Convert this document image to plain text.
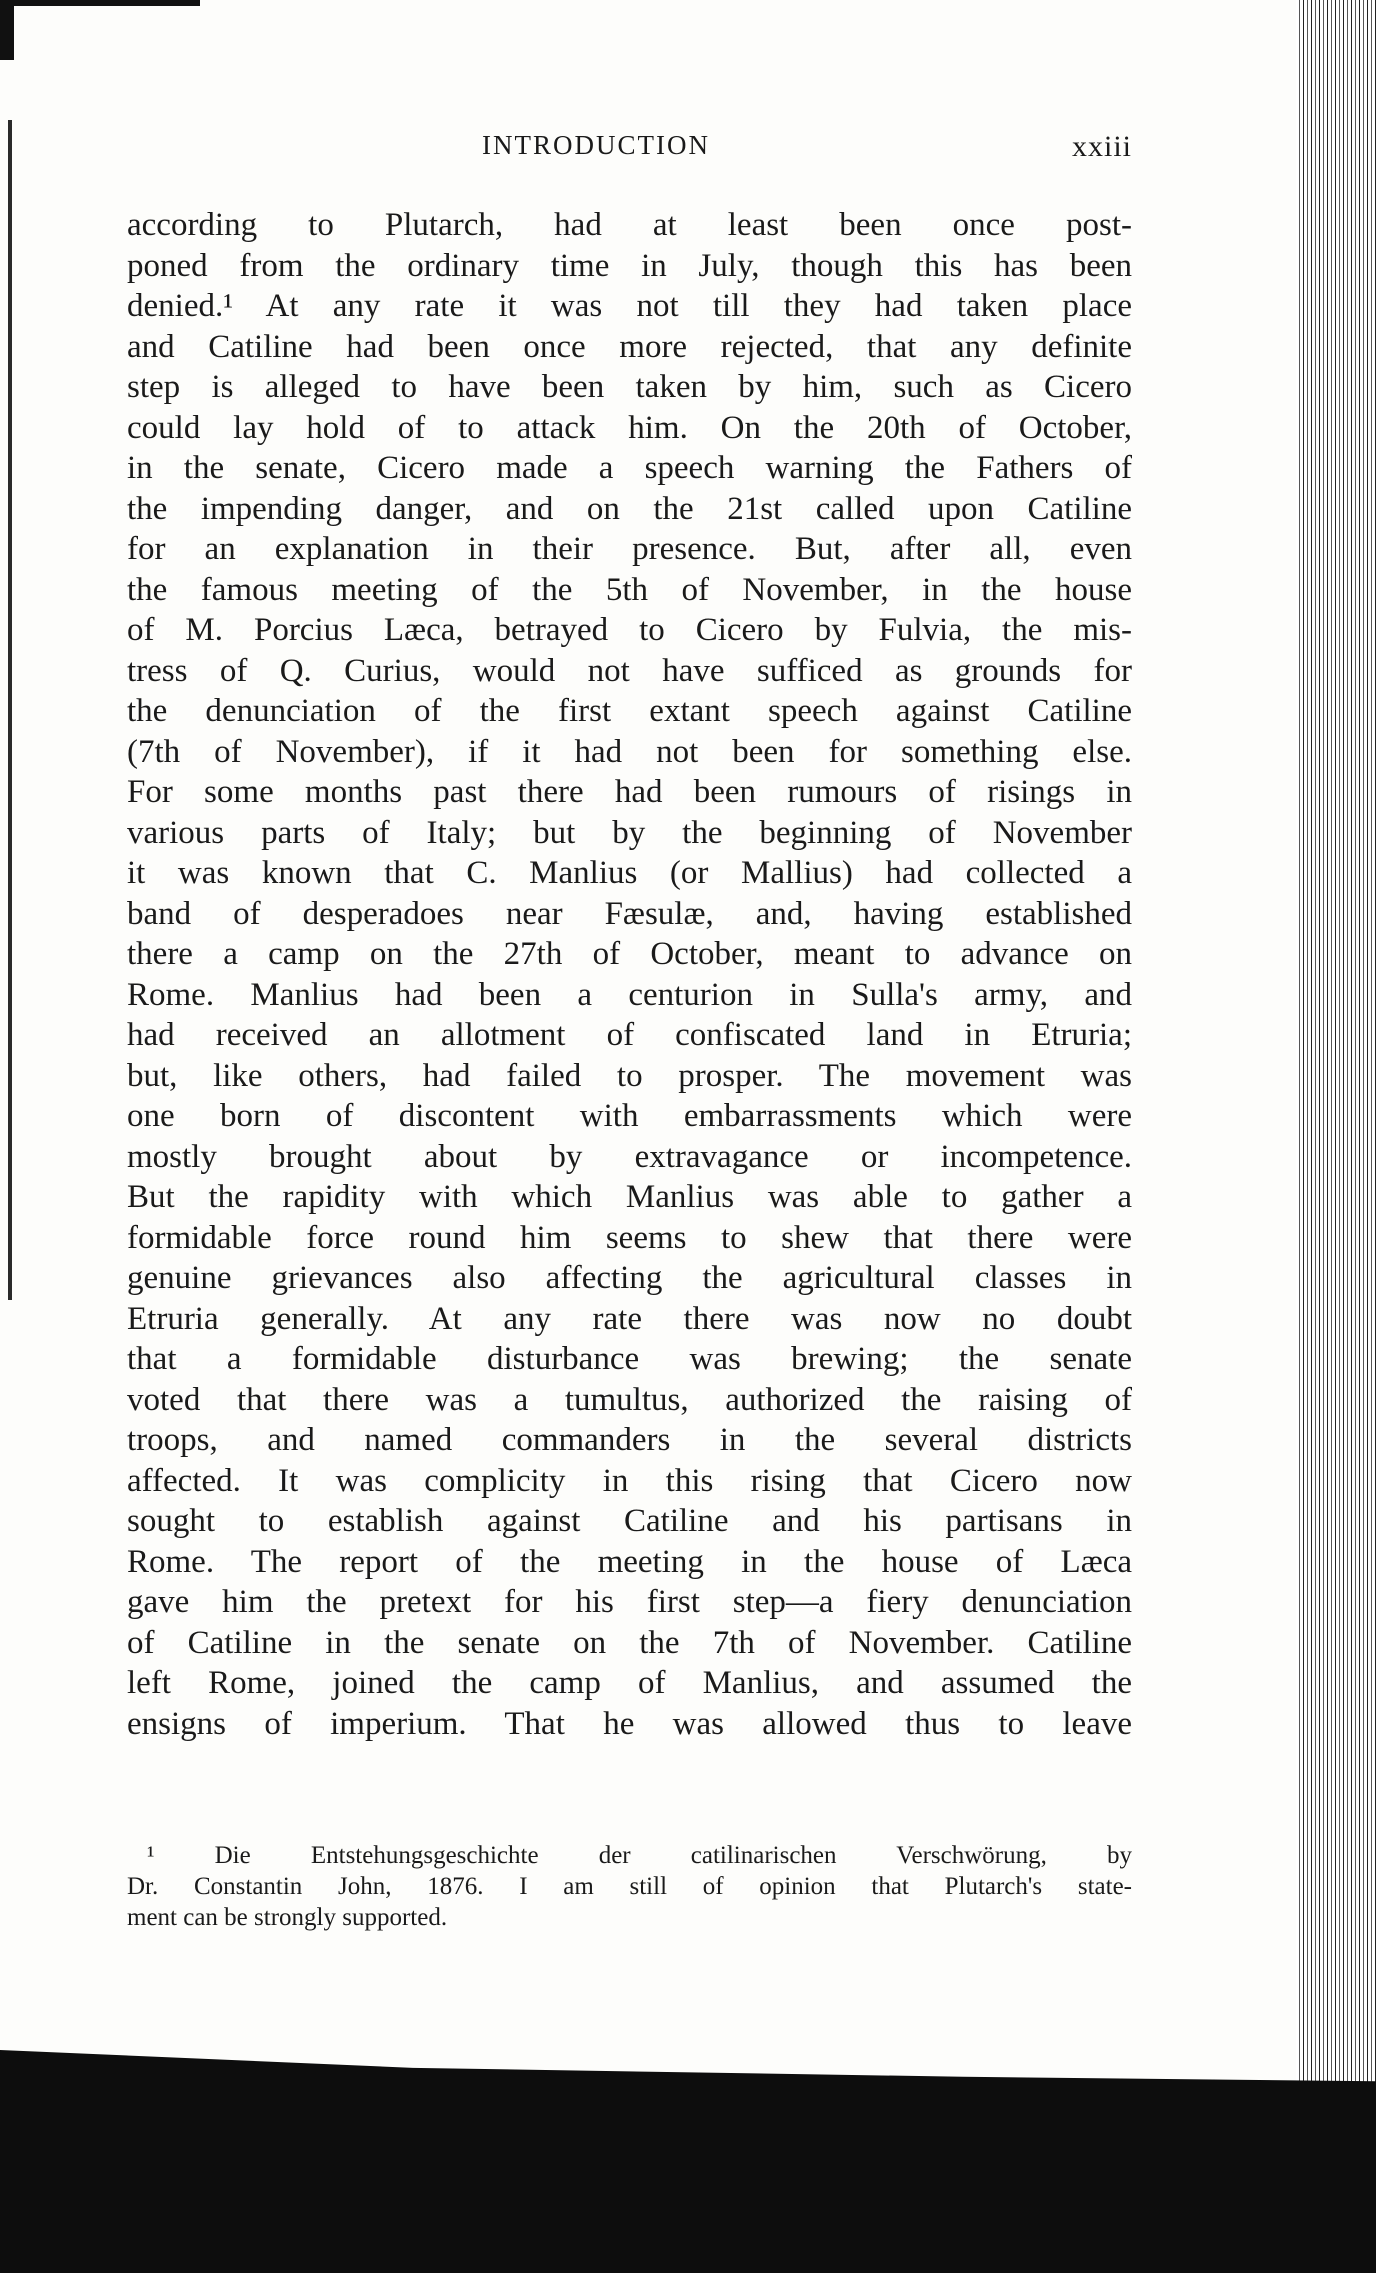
INTRODUCTION	xxiii
according to Plutarch, had at least been once post-
poned from the ordinary time in July, though this has been
denied.¹ At any rate it was not till they had taken place
and Catiline had been once more rejected, that any definite
step is alleged to have been taken by him, such as Cicero
could lay hold of to attack him. On the 20th of October,
in the senate, Cicero made a speech warning the Fathers of
the impending danger, and on the 21st called upon Catiline
for an explanation in their presence. But, after all, even
the famous meeting of the 5th of November, in the house
of M. Porcius Læca, betrayed to Cicero by Fulvia, the mis-
tress of Q. Curius, would not have sufficed as grounds for
the denunciation of the first extant speech against Catiline
(7th of November), if it had not been for something else.
For some months past there had been rumours of risings in
various parts of Italy; but by the beginning of November
it was known that C. Manlius (or Mallius) had collected a
band of desperadoes near Fæsulæ, and, having established
there a camp on the 27th of October, meant to advance on
Rome. Manlius had been a centurion in Sulla's army, and
had received an allotment of confiscated land in Etruria;
but, like others, had failed to prosper. The movement was
one born of discontent with embarrassments which were
mostly brought about by extravagance or incompetence.
But the rapidity with which Manlius was able to gather a
formidable force round him seems to shew that there were
genuine grievances also affecting the agricultural classes in
Etruria generally. At any rate there was now no doubt
that a formidable disturbance was brewing; the senate
voted that there was a tumultus, authorized the raising of
troops, and named commanders in the several districts
affected. It was complicity in this rising that Cicero now
sought to establish against Catiline and his partisans in
Rome. The report of the meeting in the house of Læca
gave him the pretext for his first step—a fiery denunciation
of Catiline in the senate on the 7th of November. Catiline
left Rome, joined the camp of Manlius, and assumed the
ensigns of imperium. That he was allowed thus to leave
¹ Die Entstehungsgeschichte der catilinarischen Verschwörung, by
Dr. Constantin John, 1876. I am still of opinion that Plutarch's state-
ment can be strongly supported.
